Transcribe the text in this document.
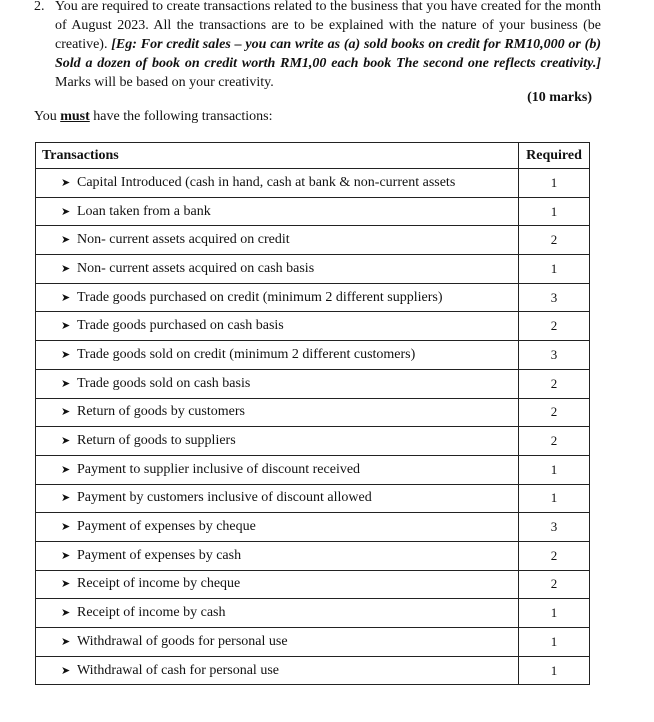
2. You are required to create transactions related to the business that you have created for the month of August 2023. All the transactions are to be explained with the nature of your business (be creative). [Eg: For credit sales – you can write as (a) sold books on credit for RM10,000 or (b) Sold a dozen of book on credit worth RM1,00 each book The second one reflects creativity.] Marks will be based on your creativity.
(10 marks)
You must have the following transactions:
Transactions	Required
➤ Capital Introduced (cash in hand, cash at bank & non-current assets	1
➤ Loan taken from a bank	1
➤ Non- current assets acquired on credit	2
➤ Non- current assets acquired on cash basis	1
➤ Trade goods purchased on credit (minimum 2 different suppliers)	3
➤ Trade goods purchased on cash basis	2
➤ Trade goods sold on credit (minimum 2 different customers)	3
➤ Trade goods sold on cash basis	2
➤ Return of goods by customers	2
➤ Return of goods to suppliers	2
➤ Payment to supplier inclusive of discount received	1
➤ Payment by customers inclusive of discount allowed	1
➤ Payment of expenses by cheque	3
➤ Payment of expenses by cash	2
➤ Receipt of income by cheque	2
➤ Receipt of income by cash	1
➤ Withdrawal of goods for personal use	1
➤ Withdrawal of cash for personal use	1
